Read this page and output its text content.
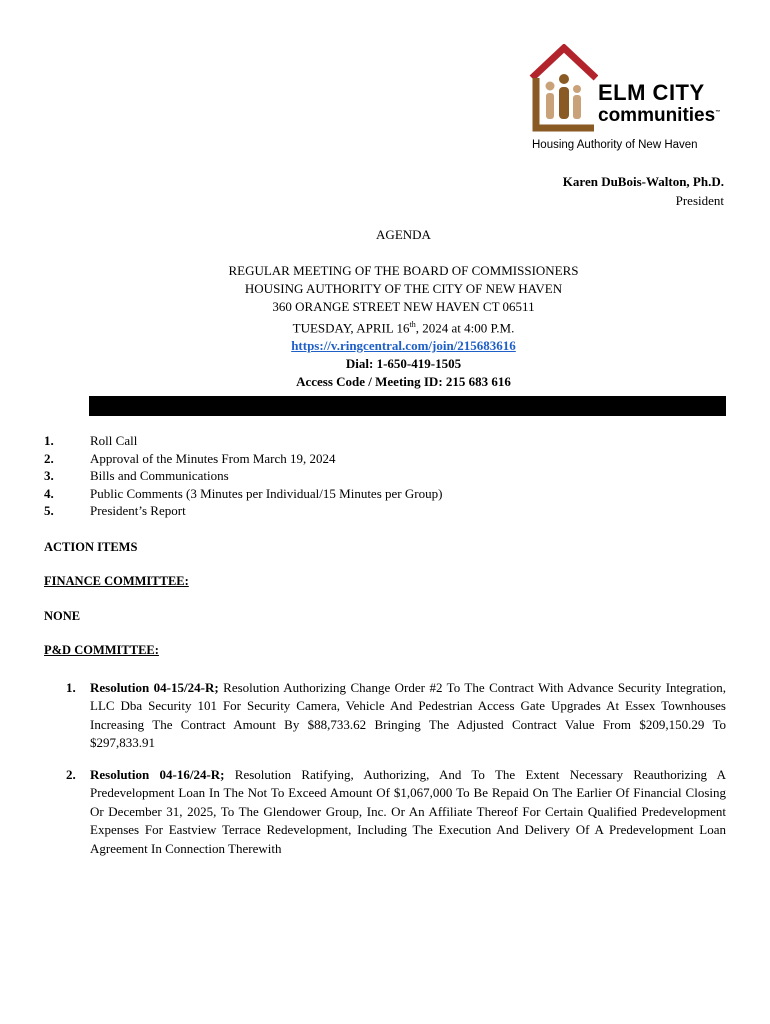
ELM CITY
communities™
Housing Authority of New Haven
Karen DuBois-Walton, Ph.D.
President
AGENDA
REGULAR MEETING OF THE BOARD OF COMMISSIONERS
HOUSING AUTHORITY OF THE CITY OF NEW HAVEN
360 ORANGE STREET NEW HAVEN CT 06511
TUESDAY, APRIL 16th, 2024 at 4:00 P.M.
https://v.ringcentral.com/join/215683616
Dial: 1-650-419-1505
Access Code / Meeting ID: 215 683 616
1.	Roll Call
2.	Approval of the Minutes From March 19, 2024
3.	Bills and Communications
4.	Public Comments (3 Minutes per Individual/15 Minutes per Group)
5.	President’s Report
ACTION ITEMS
FINANCE COMMITTEE:
NONE
P&D COMMITTEE:
1.	Resolution 04-15/24-R; Resolution Authorizing Change Order #2 To The Contract With Advance Security Integration, LLC Dba Security 101 For Security Camera, Vehicle And Pedestrian Access Gate Upgrades At Essex Townhouses Increasing The Contract Amount By $88,733.62 Bringing The Adjusted Contract Value From $209,150.29 To $297,833.91
2.	Resolution 04-16/24-R; Resolution Ratifying, Authorizing, And To The Extent Necessary Reauthorizing A Predevelopment Loan In The Not To Exceed Amount Of $1,067,000 To Be Repaid On The Earlier Of Financial Closing Or December 31, 2025, To The Glendower Group, Inc. Or An Affiliate Thereof For Certain Qualified Predevelopment Expenses For Eastview Terrace Redevelopment, Including The Execution And Delivery Of A Predevelopment Loan Agreement In Connection Therewith
